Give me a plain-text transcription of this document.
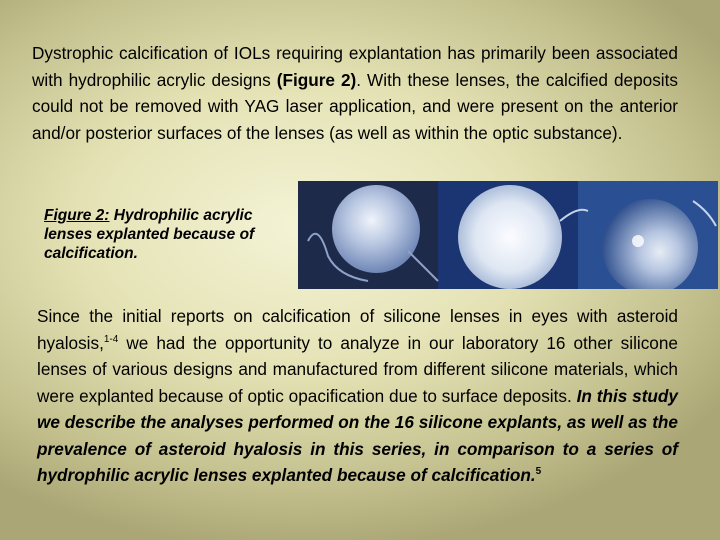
Dystrophic calcification of IOLs requiring explantation has primarily been associated with hydrophilic acrylic designs (Figure 2). With these lenses, the calcified deposits could not be removed with YAG laser application, and were present on the anterior and/or posterior surfaces of the lenses (as well as within the optic substance).
Figure 2: Hydrophilic acrylic lenses explanted because of calcification.
Since the initial reports on calcification of silicone lenses in eyes with asteroid hyalosis,$^{1-4}$ we had the opportunity to analyze in our laboratory 16 other silicone lenses of various designs and manufactured from different silicone materials, which were explanted because of optic opacification due to surface deposits. In this study we describe the analyses performed on the 16 silicone explants, as well as the prevalence of asteroid hyalosis in this series, in comparison to a series of hydrophilic acrylic lenses explanted because of calcification.$^5$
